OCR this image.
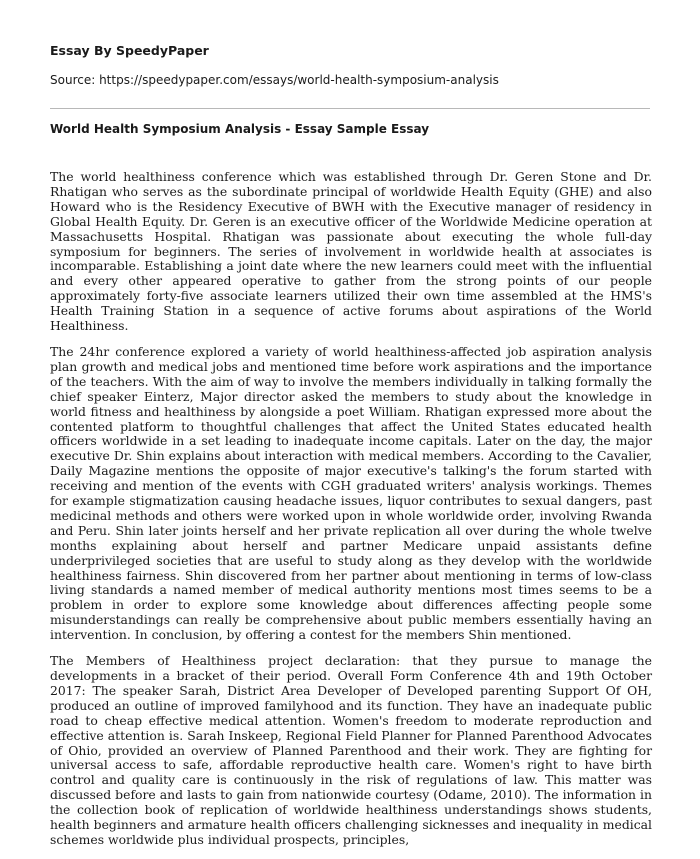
Essay By SpeedyPaper

Source: https://speedypaper.com/essays/world-health-symposium-analysis

World Health Symposium Analysis - Essay Sample Essay

The world healthiness conference which was established through Dr. Geren Stone and Dr. Rhatigan who serves as the subordinate principal of worldwide Health Equity (GHE) and also Howard who is the Residency Executive of BWH with the Executive manager of residency in Global Health Equity. Dr. Geren is an executive officer of the Worldwide Medicine operation at Massachusetts Hospital. Rhatigan was passionate about executing the whole full-day symposium for beginners. The series of involvement in worldwide health at associates is incomparable. Establishing a joint date where the new learners could meet with the influential and every other appeared operative to gather from the strong points of our people approximately forty-five associate learners utilized their own time assembled at the HMS's Health Training Station in a sequence of active forums about aspirations of the World Healthiness.

The 24hr conference explored a variety of world healthiness-affected job aspiration analysis plan growth and medical jobs and mentioned time before work aspirations and the importance of the teachers. With the aim of way to involve the members individually in talking formally the chief speaker Einterz, Major director asked the members to study about the knowledge in world fitness and healthiness by alongside a poet William. Rhatigan expressed more about the contented platform to thoughtful challenges that affect the United States educated health officers worldwide in a set leading to inadequate income capitals. Later on the day, the major executive Dr. Shin explains about interaction with medical members. According to the Cavalier, Daily Magazine mentions the opposite of major executive's talking's the forum started with receiving and mention of the events with CGH graduated writers' analysis workings. Themes for example stigmatization causing headache issues, liquor contributes to sexual dangers, past medicinal methods and others were worked upon in whole worldwide order, involving Rwanda and Peru. Shin later joints herself and her private replication all over during the whole twelve months explaining about herself and partner Medicare unpaid assistants define underprivileged societies that are useful to study along as they develop with the worldwide healthiness fairness. Shin discovered from her partner about mentioning in terms of low-class living standards a named member of medical authority mentions most times seems to be a problem in order to explore some knowledge about differences affecting people some misunderstandings can really be comprehensive about public members essentially having an intervention. In conclusion, by offering a contest for the members Shin mentioned.

The Members of Healthiness project declaration: that they pursue to manage the developments in a bracket of their period. Overall Form Conference 4th and 19th October 2017: The speaker Sarah, District Area Developer of Developed parenting Support Of OH, produced an outline of improved familyhood and its function. They have an inadequate public road to cheap effective medical attention. Women's freedom to moderate reproduction and effective attention is. Sarah Inskeep, Regional Field Planner for Planned Parenthood Advocates of Ohio, provided an overview of Planned Parenthood and their work. They are fighting for universal access to safe, affordable reproductive health care. Women's right to have birth control and quality care is continuously in the risk of regulations of law. This matter was discussed before and lasts to gain from nationwide courtesy (Odame, 2010). The information in the collection book of replication of worldwide healthiness understandings shows students, health beginners and armature health officers challenging sicknesses and inequality in medical schemes worldwide plus individual prospects, principles,
